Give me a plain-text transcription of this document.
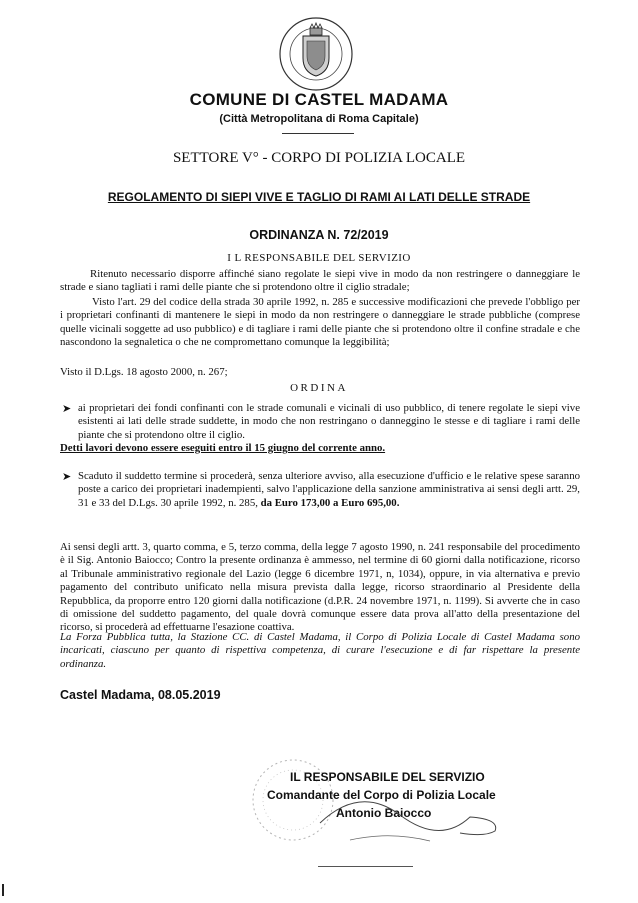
COMUNE DI CASTEL MADAMA
(Città Metropolitana di Roma Capitale)
SETTORE V° - CORPO DI POLIZIA LOCALE
REGOLAMENTO DI SIEPI VIVE E TAGLIO DI RAMI AI LATI DELLE STRADE
ORDINANZA N. 72/2019
I L RESPONSABILE DEL SERVIZIO
Ritenuto necessario disporre affinché siano regolate le siepi vive in modo da non restringere o danneggiare le strade e siano tagliati i rami delle piante che si protendono oltre il ciglio stradale;
Visto l'art. 29 del codice della strada 30 aprile 1992, n. 285 e successive modificazioni che prevede l'obbligo per i proprietari confinanti di mantenere le siepi in modo da non restringere o danneggiare le strade pubbliche (comprese quelle vicinali soggette ad uso pubblico) e di tagliare i rami delle piante che si protendono oltre il confine stradale e che nascondono la segnaletica o che ne compromettano comunque la leggibilità;
Visto il D.Lgs. 18 agosto 2000, n. 267;
ORDINA
➤ ai proprietari dei fondi confinanti con le strade comunali e vicinali di uso pubblico, di tenere regolate le siepi vive esistenti ai lati delle strade suddette, in modo che non restringano o danneggino le stesse e di tagliare i rami delle piante che si protendono oltre il ciglio.
Detti lavori devono essere eseguiti entro il 15 giugno del corrente anno.
➤ Scaduto il suddetto termine si procederà, senza ulteriore avviso, alla esecuzione d'ufficio e le relative spese saranno poste a carico dei proprietari inadempienti, salvo l'applicazione della sanzione amministrativa ai sensi degli artt. 29, 31 e 33 del D.Lgs. 30 aprile 1992, n. 285, da Euro 173,00 a Euro 695,00.
Ai sensi degli artt. 3, quarto comma, e 5, terzo comma, della legge 7 agosto 1990, n. 241 responsabile del procedimento è il Sig. Antonio Baiocco; Contro la presente ordinanza è ammesso, nel termine di 60 giorni dalla notificazione, ricorso al Tribunale amministrativo regionale del Lazio (legge 6 dicembre 1971, n, 1034), oppure, in via alternativa e previo pagamento del contributo unificato nella misura prevista dalla legge, ricorso straordinario al Presidente della Repubblica, da proporre entro 120 giorni dalla notificazione (d.P.R. 24 novembre 1971, n. 1199). Si avverte che in caso di omissione del suddetto pagamento, del quale dovrà comunque essere data prova all'atto della presentazione del ricorso, si procederà ad effettuarne l'esazione coattiva.
La Forza Pubblica tutta, la Stazione CC. di Castel Madama, il Corpo di Polizia Locale di Castel Madama sono incaricati, ciascuno per quanto di rispettiva competenza, di curare l'esecuzione e di far rispettare la presente ordinanza.
Castel Madama, 08.05.2019
IL RESPONSABILE DEL SERVIZIO
Comandante del Corpo di Polizia Locale
Antonio Baiocco
